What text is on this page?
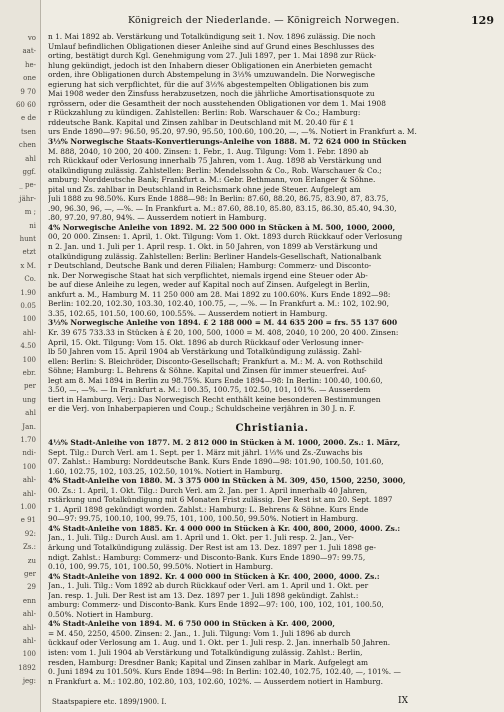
vo
aat-
he-
one
9 70
60 60
e de
tsen
chen
ahl
ggf.
_ pe-
jähr-
m ;
ni
hunt
etzt
x M.
Co.
1.90
0.05
100
ahl-
4.50
100
ebr.
per
ung
ahl
Jan.
1.70
ndi-
100
ahl-
ahl-
1.00
e 91
92:
Zs.:
zu
ger
29
enn
ahl-
ahl-
ahl-
100
1892
jeg:
Königreich der Niederlande. — Königreich Norwegen.	129
n 1. Mai 1892 ab. Verstärkung und Totalkündigung seit 1. Nov. 1896 zulässig. Die noch
Umlauf befindlichen Obligationen dieser Anleihe sind auf Grund eines Beschlusses des
orting, bestätigt durch Kgl. Genehmigung vom 27. Juli 1897, per 1. Mai 1898 zur Rück-
hlung gekündigt, jedoch ist den Inhabern dieser Obligationen ein Anerbieten gemacht
orden, ihre Obligationen durch Abstempelung in 3⅓% umzuwandeln. Die Norwegische
egierung hat sich verpflichtet, für die auf 3⅓% abgestempelten Obligationen bis zum
Mai 1908 weder den Zinsfuss herabzusetzen, noch die jährliche Amortisationsquote zu
rgrössern, oder die Gesamtheit der noch ausstehenden Obligationen vor dem 1. Mai 1908
r Rückzahlung zu kündigen. Zahlstellen: Berlin: Rob. Warschauer & Co.; Hamburg:
rddeutsche Bank. Kapital und Zinsen zahlbar in Deutschland mit M. 20.40 für £ 1
urs Ende 1890—97: 96.50, 95.20, 97.90, 95.50, 100.60, 100.20, —, —%. Notiert in Frankfurt a. M.
3⅓% Norwegische Staats-Konvertierungs-Anleihe von 1888. M. 72 624 000 in Stücken
M. 888, 2040, 10 200, 20 400. Zinsen: 1. Febr., 1. Aug. Tilgung: Vom 1. Febr. 1890 ab
rch Rückkauf oder Verlosung innerhalb 75 Jahren, vom 1. Aug. 1898 ab Verstärkung und
otalkündigung zulässig. Zahlstellen: Berlin: Mendelssohn & Co., Rob. Warschauer & Co.;
amburg: Norddeutsche Bank; Frankfurt a. M.: Gebr. Bethmann, von Erlanger & Söhne.
pital und Zs. zahlbar in Deutschland in Reichsmark ohne jede Steuer. Aufgelegt am
Juli 1888 zu 98.50%. Kurs Ende 1888—98: In Berlin: 87.60, 88.20, 86.75, 83.90, 87, 83.75,
.90, 96.30, 96, —, —%. — In Frankfurt a. M.: 87.60, 88.10, 85.80, 83.15, 86.30, 85.40, 94.30,
.80, 97.20, 97.80, 94%. — Ausserdem notiert in Hamburg.
4% Norwegische Anleihe von 1892. M. 22 500 000 in Stücken à M. 500, 1000, 2000,
00, 20 000. Zinsen: 1. April, 1. Okt. Tilgung: Vom 1. Okt. 1893 durch Rückkauf oder Verlosung
n 2. Jan. und 1. Juli per 1. April resp. 1. Okt. in 50 Jahren, von 1899 ab Verstärkung und
otalkündigung zulässig. Zahlstellen: Berlin: Berliner Handels-Gesellschaft, Nationalbank
r Deutschland, Deutsche Bank und deren Filialen; Hamburg: Commerz- und Disconto-
nk. Der Norwegische Staat hat sich verpflichtet, niemals irgend eine Steuer oder Ab-
be auf diese Anleihe zu legen, weder auf Kapital noch auf Zinsen. Aufgelegt in Berlin,
ankfurt a. M., Hamburg M. 11 250 000 am 28. Mai 1892 zu 100.60%. Kurs Ende 1892—98:
Berlin: 102.20, 102.30, 103.30, 102.40, 100.75, —, —%. — In Frankfurt a. M.: 102, 102.90,
3.35, 102.65, 101.50, 100.60, 100.55%. — Ausserdem notiert in Hamburg.
3⅓% Norwegische Anleihe von 1894. £ 2 188 000 = M. 44 635 200 = frs. 55 137 600
Kr. 39 675 733.33 in Stücken à £ 20, 100, 500, 1000 = M. 408, 2040, 10 200, 20 400. Zinsen:
April, 15. Okt. Tilgung: Vom 15. Okt. 1896 ab durch Rückkauf oder Verlosung inner-
lb 50 Jahren vom 15. April 1904 ab Verstärkung und Totalkündigung zulässig. Zahl-
ellen: Berlin: S. Bleichröder, Disconto-Gesellschaft; Frankfurt a. M.: M. A. von Rothschild
Söhne; Hamburg: L. Behrens & Söhne. Kapital und Zinsen für immer steuerfrei. Auf-
legt am 8. Mai 1894 in Berlin zu 98.75%. Kurs Ende 1894—98: In Berlin: 100.40, 100.60,
3.50, —, —%. — In Frankfurt a. M.: 100.35, 100.75, 102.50, 101, 101%. — Ausserdem
tiert in Hamburg. Verj.: Das Norwegisch Recht enthält keine besonderen Bestimmungen
er die Verj. von Inhaberpapieren und Coup.; Schuldscheine verjähren in 30 J. n. F.
Christiania.
4⅓% Stadt-Anleihe von 1877. M. 2 812 000 in Stücken à M. 1000, 2000. Zs.: 1. März,
Sept. Tilg.: Durch Verl. am 1. Sept. per 1. März mit jährl. 1⅓% und Zs.-Zuwachs bis
07. Zahlst.: Hamburg: Norddeutsche Bank. Kurs Ende 1890—98: 101.90, 100.50, 101.60,
1.60, 102.75, 102, 103.25, 102.50, 101%. Notiert in Hamburg.
4% Stadt-Anleihe von 1880. M. 3 375 000 in Stücken à M. 309, 450, 1500, 2250, 3000,
00. Zs.: 1. April, 1. Okt. Tilg.: Durch Verl. am 2. Jan. per 1. April innerhalb 40 Jahren,
rstärkung und Totalkündigung mit 6 Monaten Frist zulässig. Der Rest ist am 20. Sept. 1897
r 1. April 1898 gekündigt worden. Zahlst.: Hamburg: L. Behrens & Söhne. Kurs Ende
90—97: 99.75, 100.10, 100, 99.75, 101, 100, 100.50, 99.50%. Notiert in Hamburg.
4% Stadt-Anleihe von 1885. Kr. 4 000 000 in Stücken à Kr. 400, 800, 2000, 4000. Zs.:
Jan., 1. Juli. Tilg.: Durch Ausl. am 1. April und 1. Okt. per 1. Juli resp. 2. Jan., Ver-
ärkung und Totalkündigung zulässig. Der Rest ist am 13. Dez. 1897 per 1. Juli 1898 ge-
ndigt. Zahlst.: Hamburg: Commerz- und Disconto-Bank. Kurs Ende 1890—97: 99.75,
0.10, 100, 99.75, 101, 100.50, 99.50%. Notiert in Hamburg.
4% Stadt-Anleihe von 1892. Kr. 4 000 000 in Stücken à Kr. 400, 2000, 4000. Zs.:
Jan., 1. Juli. Tilg.: Vom 1892 ab durch Rückkauf oder Verl. am 1. April und 1. Okt. per
Jan. resp. 1. Juli. Der Rest ist am 13. Dez. 1897 per 1. Juli 1898 gekündigt. Zahlst.:
amburg: Commerz- und Disconto-Bank. Kurs Ende 1892—97: 100, 100, 102, 101, 100.50,
0.50%. Notiert in Hamburg.
4% Stadt-Anleihe von 1894. M. 6 750 000 in Stücken à Kr. 400, 2000,
= M. 450, 2250, 4500. Zinsen: 2. Jan., 1. Juli. Tilgung: Vom 1. Juli 1896 ab durch
ückkauf oder Verlosung am 1. Aug. und 1. Okt. per 1. Juli resp. 2. Jan. innerhalb 50 Jahren.
isten: vom 1. Juli 1904 ab Verstärkung und Totalkündigung zulässig. Zahlst.: Berlin,
resden, Hamburg: Dresdner Bank; Kapital und Zinsen zahlbar in Mark. Aufgelegt am
0. Juni 1894 zu 101.50%. Kurs Ende 1894—98: In Berlin: 102.40, 102.75, 102.40, —, 101%. —
n Frankfurt a. M.: 102.80, 102.80, 103, 102.60, 102%. — Ausserdem notiert in Hamburg.
Staatspapiere etc. 1899/1900. I.	IX
